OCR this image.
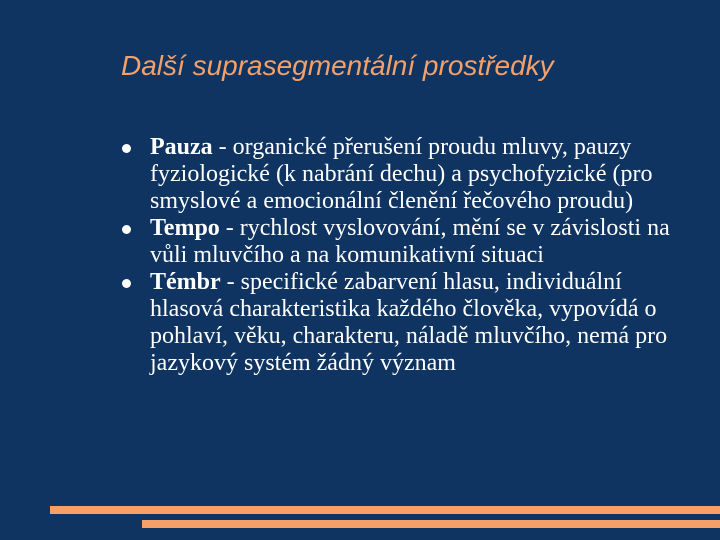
Další suprasegmentální prostředky
Pauza - organické přerušení proudu mluvy, pauzy fyziologické (k nabrání dechu) a psychofyzické (pro smyslové a emocionální členění řečového proudu)
Tempo - rychlost vyslovování, mění se v závislosti na vůli mluvčího a na komunikativní situaci
Témbr - specifické zabarvení hlasu, individuální hlasová charakteristika každého člověka, vypovídá o pohlaví, věku, charakteru, náladě mluvčího, nemá pro jazykový systém žádný význam
